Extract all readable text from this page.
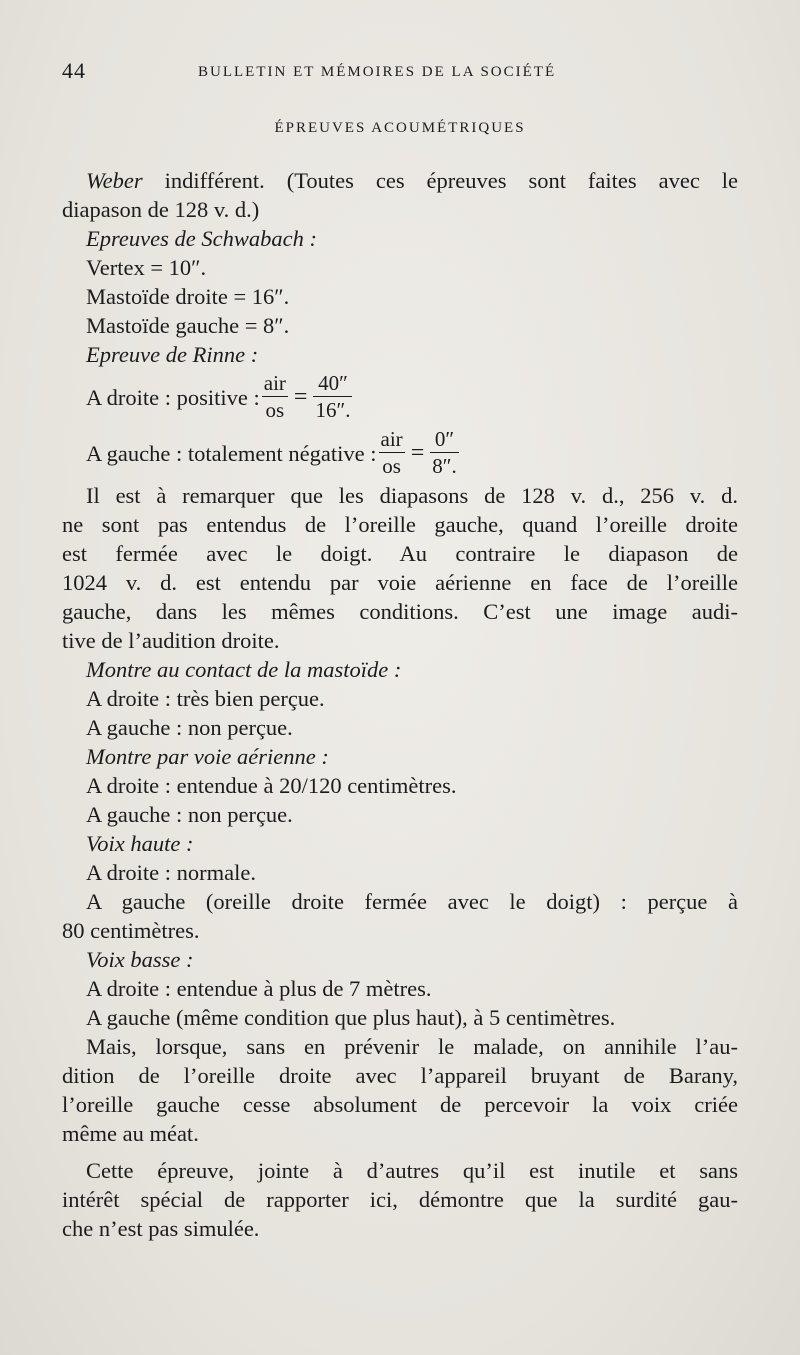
44	BULLETIN ET MÉMOIRES DE LA SOCIÉTÉ
ÉPREUVES ACOUMÉTRIQUES
Weber indifférent. (Toutes ces épreuves sont faites avec le
diapason de 128 v. d.)
Epreuves de Schwabach :
Vertex = 10″.
Mastoïde droite = 16″.
Mastoïde gauche = 8″.
Epreuve de Rinne :
A droite : positive : $\frac{\text{air}}{os} = \frac{40''}{16''.}$
A gauche : totalement négative : $\frac{\text{air}}{os} = \frac{0''}{8''.}$
Il est à remarquer que les diapasons de 128 v. d., 256 v. d.
ne sont pas entendus de l’oreille gauche, quand l’oreille droite
est fermée avec le doigt. Au contraire le diapason de
1024 v. d. est entendu par voie aérienne en face de l’oreille
gauche, dans les mêmes conditions. C’est une image audi-
tive de l’audition droite.
Montre au contact de la mastoïde :
A droite : très bien perçue.
A gauche : non perçue.
Montre par voie aérienne :
A droite : entendue à 20/120 centimètres.
A gauche : non perçue.
Voix haute :
A droite : normale.
A gauche (oreille droite fermée avec le doigt) : perçue à
80 centimètres.
Voix basse :
A droite : entendue à plus de 7 mètres.
A gauche (même condition que plus haut), à 5 centimètres.
Mais, lorsque, sans en prévenir le malade, on annihile l’au-
dition de l’oreille droite avec l’appareil bruyant de Barany,
l’oreille gauche cesse absolument de percevoir la voix criée
même au méat.
Cette épreuve, jointe à d’autres qu’il est inutile et sans
intérêt spécial de rapporter ici, démontre que la surdité gau-
che n’est pas simulée.
